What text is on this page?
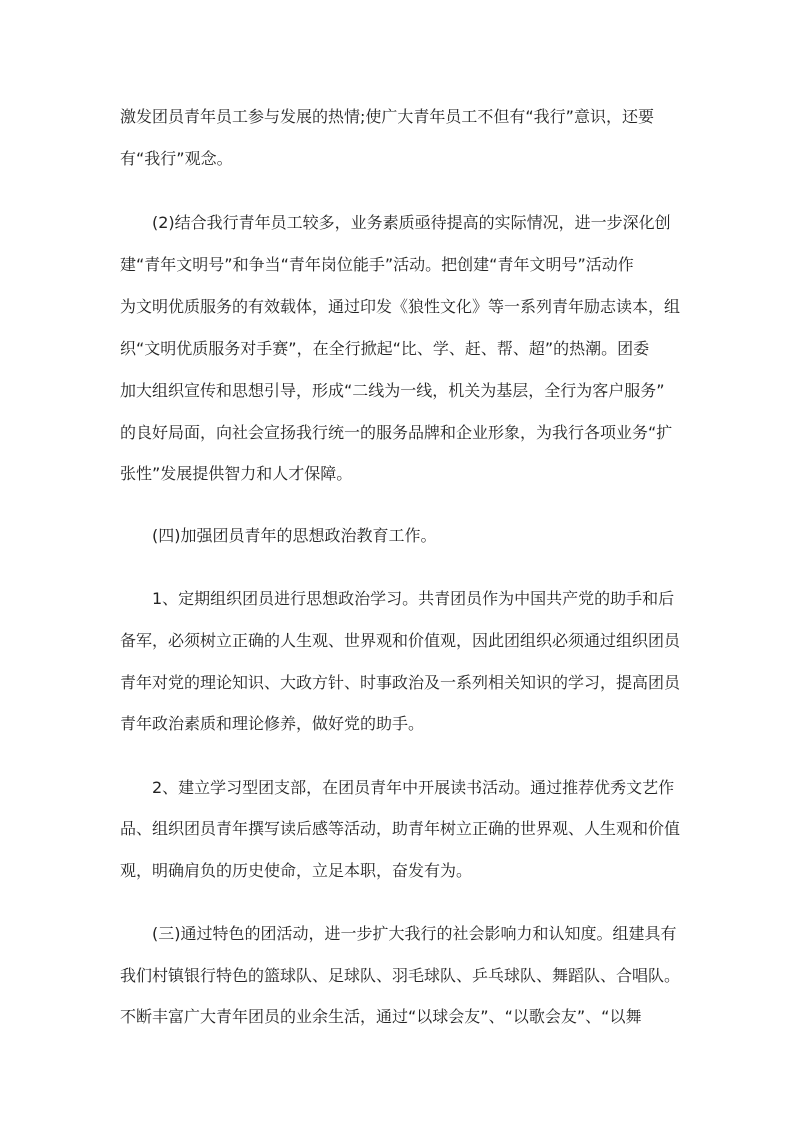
激发团员青年员工参与发展的热情;使广大青年员工不但有“我行”意识，还要
有“我行”观念。
(2)结合我行青年员工较多，业务素质亟待提高的实际情况，进一步深化创
建“青年文明号”和争当“青年岗位能手”活动。把创建“青年文明号”活动作
为文明优质服务的有效载体，通过印发《狼性文化》等一系列青年励志读本，组
织“文明优质服务对手赛”，在全行掀起“比、学、赶、帮、超”的热潮。团委
加大组织宣传和思想引导，形成“二线为一线，机关为基层，全行为客户服务”
的良好局面，向社会宣扬我行统一的服务品牌和企业形象，为我行各项业务“扩
张性”发展提供智力和人才保障。
(四)加强团员青年的思想政治教育工作。
1、定期组织团员进行思想政治学习。共青团员作为中国共产党的助手和后
备军，必须树立正确的人生观、世界观和价值观，因此团组织必须通过组织团员
青年对党的理论知识、大政方针、时事政治及一系列相关知识的学习，提高团员
青年政治素质和理论修养，做好党的助手。
2、建立学习型团支部，在团员青年中开展读书活动。通过推荐优秀文艺作
品、组织团员青年撰写读后感等活动，助青年树立正确的世界观、人生观和价值
观，明确肩负的历史使命，立足本职，奋发有为。
(三)通过特色的团活动，进一步扩大我行的社会影响力和认知度。组建具有
我们村镇银行特色的篮球队、足球队、羽毛球队、乒乓球队、舞蹈队、合唱队。
不断丰富广大青年团员的业余生活，通过“以球会友”、“以歌会友”、“以舞
